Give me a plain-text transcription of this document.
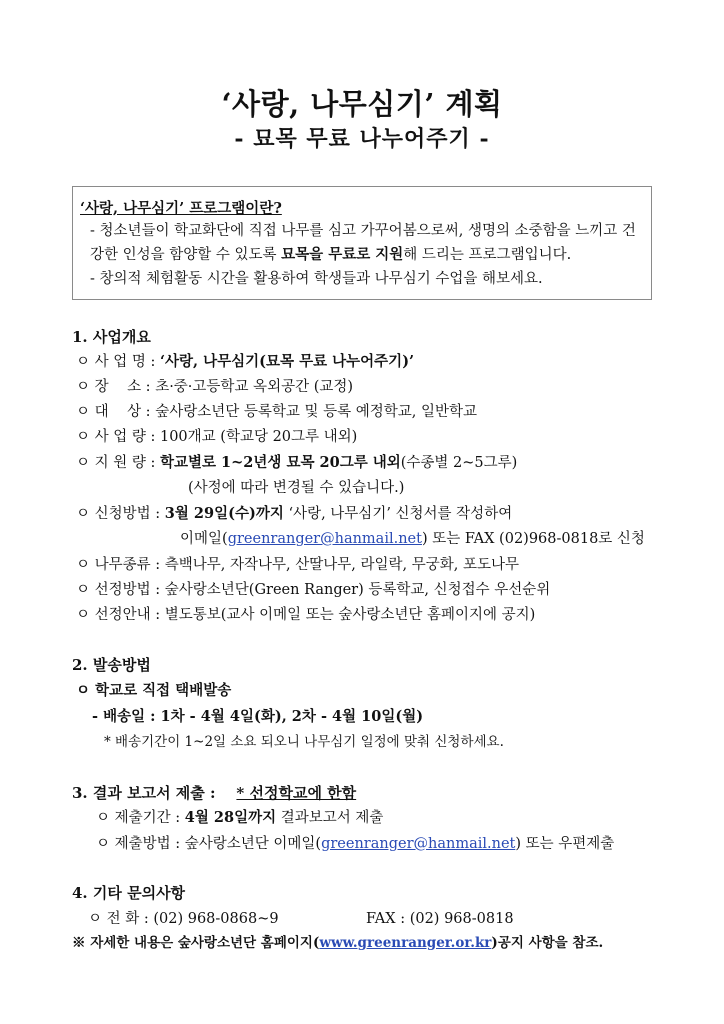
‘사랑, 나무심기’ 계획
- 묘목 무료 나누어주기 -
‘사랑, 나무심기’ 프로그램이란?
- 청소년들이 학교화단에 직접 나무를 심고 가꾸어봄으로써, 생명의 소중함을 느끼고 건
강한 인성을 함양할 수 있도록 묘목을 무료로 지원해 드리는 프로그램입니다.
- 창의적 체험활동 시간을 활용하여 학생들과 나무심기 수업을 해보세요.
1. 사업개요
ㅇ 사 업 명 : ‘사랑, 나무심기(묘목 무료 나누어주기)’
ㅇ 장    소 : 초·중·고등학교 옥외공간 (교정)
ㅇ 대    상 : 숲사랑소년단 등록학교 및 등록 예정학교, 일반학교
ㅇ 사 업 량 : 100개교 (학교당 20그루 내외)
ㅇ 지 원 량 : 학교별로 1~2년생 묘목 20그루 내외(수종별 2~5그루)
(사정에 따라 변경될 수 있습니다.)
ㅇ 신청방법 : 3월 29일(수)까지 ‘사랑, 나무심기’ 신청서를 작성하여
이메일(greenranger@hanmail.net) 또는 FAX (02)968-0818로 신청
ㅇ 나무종류 : 측백나무, 자작나무, 산딸나무, 라일락, 무궁화, 포도나무
ㅇ 선정방법 : 숲사랑소년단(Green Ranger) 등록학교, 신청접수 우선순위
ㅇ 선정안내 : 별도통보(교사 이메일 또는 숲사랑소년단 홈페이지에 공지)
2. 발송방법
ㅇ 학교로 직접 택배발송
- 배송일 : 1차 - 4월 4일(화), 2차 - 4월 10일(월)
* 배송기간이 1~2일 소요 되오니 나무심기 일정에 맞춰 신청하세요.
3. 결과 보고서 제출 : * 선정학교에 한함
ㅇ 제출기간 : 4월 28일까지 결과보고서 제출
ㅇ 제출방법 : 숲사랑소년단 이메일(greenranger@hanmail.net) 또는 우편제출
4. 기타 문의사항
ㅇ 전 화 : (02) 968-0868~9	FAX : (02) 968-0818
※ 자세한 내용은 숲사랑소년단 홈페이지(www.greenranger.or.kr)공지 사항을 참조.
